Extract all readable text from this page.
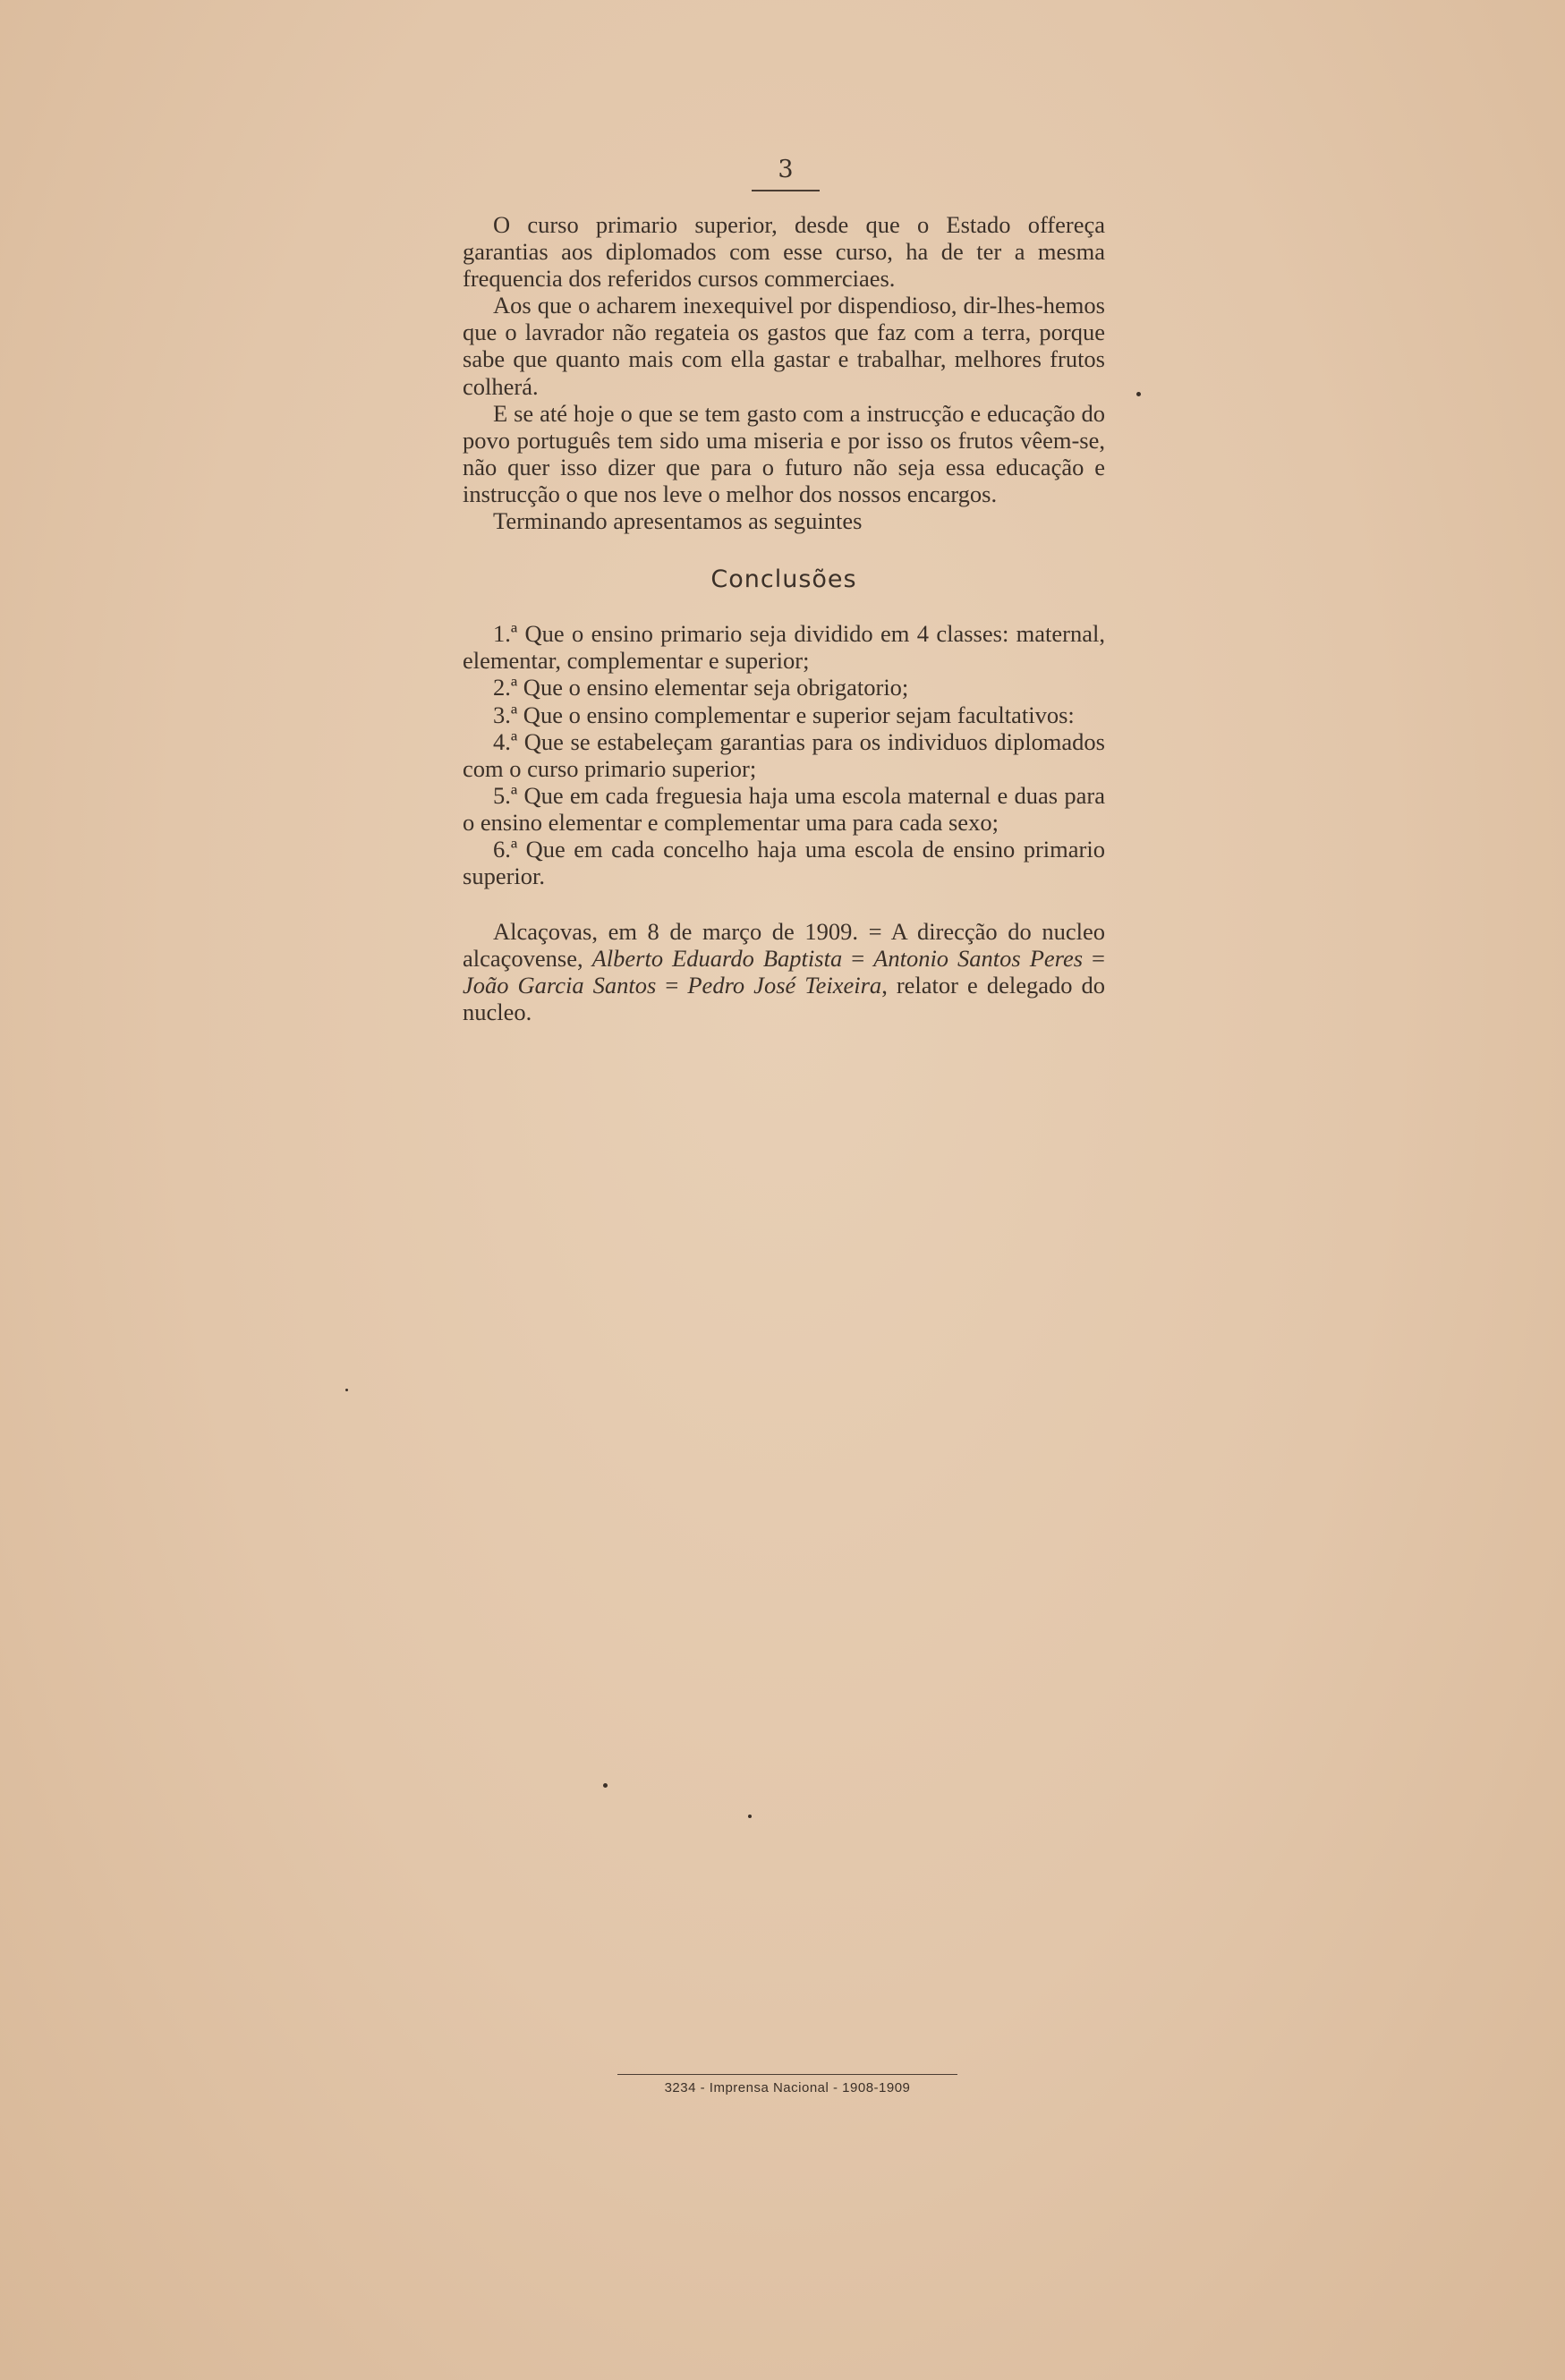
3

O curso primario superior, desde que o Estado offereça garantias aos diplomados com esse curso, ha de ter a mesma frequencia dos referidos cursos commerciaes.

Aos que o acharem inexequivel por dispendioso, dir-lhes-hemos que o lavrador não regateia os gastos que faz com a terra, porque sabe que quanto mais com ella gastar e trabalhar, melhores frutos colherá.

E se até hoje o que se tem gasto com a instrucção e educação do povo português tem sido uma miseria e por isso os frutos vêem-se, não quer isso dizer que para o futuro não seja essa educação e instrucção o que nos leve o melhor dos nossos encargos.

Terminando apresentamos as seguintes

Conclusões

1.ª Que o ensino primario seja dividido em 4 classes: maternal, elementar, complementar e superior;

2.ª Que o ensino elementar seja obrigatorio;

3.ª Que o ensino complementar e superior sejam facultativos:

4.ª Que se estabeleçam garantias para os individuos diplomados com o curso primario superior;

5.ª Que em cada freguesia haja uma escola maternal e duas para o ensino elementar e complementar uma para cada sexo;

6.ª Que em cada concelho haja uma escola de ensino primario superior.

Alcaçovas, em 8 de março de 1909. = A direcção do nucleo alcaçovense, Alberto Eduardo Baptista = Antonio Santos Peres = João Garcia Santos = Pedro José Teixeira, relator e delegado do nucleo.

3234 - Imprensa Nacional - 1908-1909
